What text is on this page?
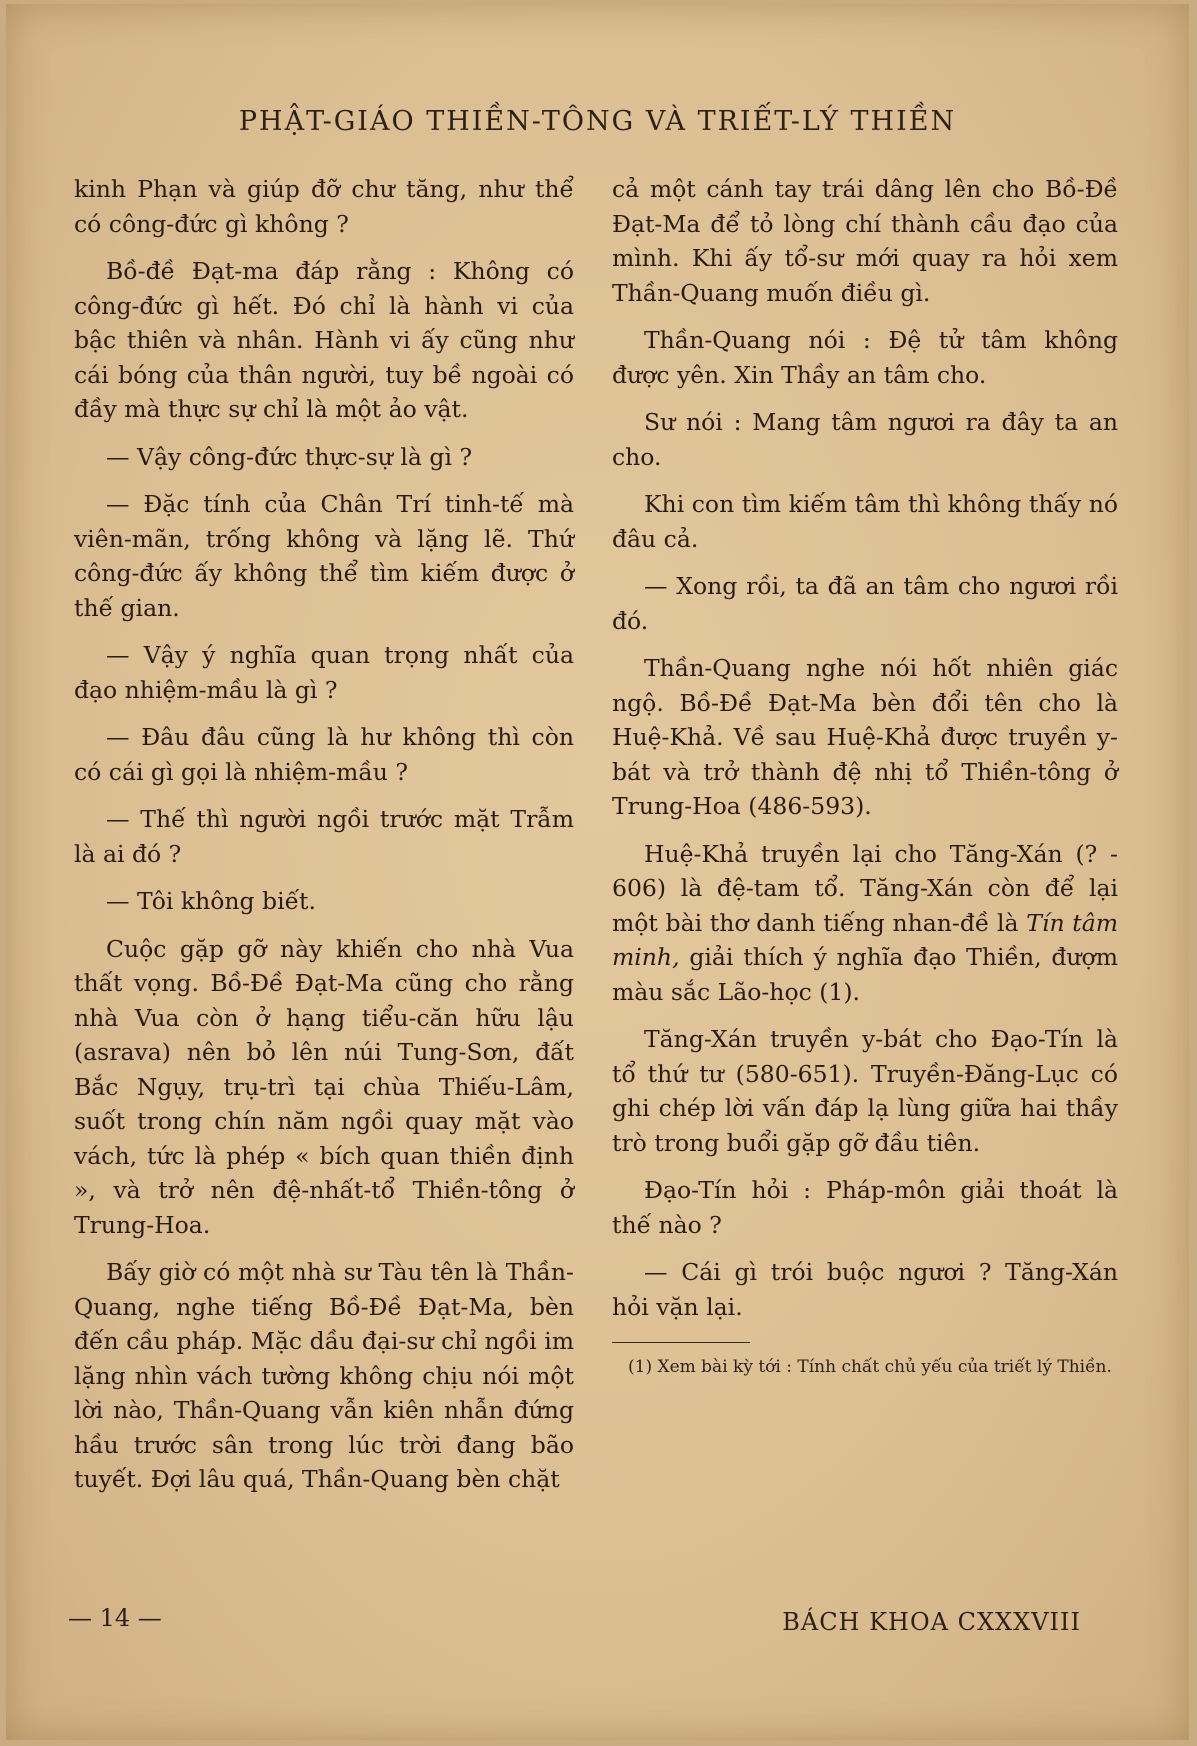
PHẬT-GIÁO THIỀN-TÔNG VÀ TRIẾT-LÝ THIỀN

kinh Phạn và giúp đỡ chư tăng, như thể có công-đức gì không ?

Bồ-đề Đạt-ma đáp rằng : Không có công-đức gì hết. Đó chỉ là hành vi của bậc thiên và nhân. Hành vi ấy cũng như cái bóng của thân người, tuy bề ngoài có đầy mà thực sự chỉ là một ảo vật.

— Vậy công-đức thực-sự là gì ?

— Đặc tính của Chân Trí tinh-tế mà viên-mãn, trống không và lặng lẽ. Thứ công-đức ấy không thể tìm kiếm được ở thế gian.

— Vậy ý nghĩa quan trọng nhất của đạo nhiệm-mầu là gì ?

— Đâu đâu cũng là hư không thì còn có cái gì gọi là nhiệm-mầu ?

— Thế thì người ngồi trước mặt Trẫm là ai đó ?

— Tôi không biết.

Cuộc gặp gỡ này khiến cho nhà Vua thất vọng. Bồ-Đề Đạt-Ma cũng cho rằng nhà Vua còn ở hạng tiểu-căn hữu lậu (asrava) nên bỏ lên núi Tung-Sơn, đất Bắc Ngụy, trụ-trì tại chùa Thiếu-Lâm, suốt trong chín năm ngồi quay mặt vào vách, tức là phép « bích quan thiền định », và trở nên đệ-nhất-tổ Thiền-tông ở Trung-Hoa.

Bấy giờ có một nhà sư Tàu tên là Thần-Quang, nghe tiếng Bồ-Đề Đạt-Ma, bèn đến cầu pháp. Mặc dầu đại-sư chỉ ngồi im lặng nhìn vách tường không chịu nói một lời nào, Thần-Quang vẫn kiên nhẫn đứng hầu trước sân trong lúc trời đang bão tuyết. Đợi lâu quá, Thần-Quang bèn chặt

cả một cánh tay trái dâng lên cho Bồ-Đề Đạt-Ma để tỏ lòng chí thành cầu đạo của mình. Khi ấy tổ-sư mới quay ra hỏi xem Thần-Quang muốn điều gì.

Thần-Quang nói : Đệ tử tâm không được yên. Xin Thầy an tâm cho.

Sư nói : Mang tâm ngươi ra đây ta an cho.

Khi con tìm kiếm tâm thì không thấy nó đâu cả.

— Xong rồi, ta đã an tâm cho ngươi rồi đó.

Thần-Quang nghe nói hốt nhiên giác ngộ. Bồ-Đề Đạt-Ma bèn đổi tên cho là Huệ-Khả. Về sau Huệ-Khả được truyền y-bát và trở thành đệ nhị tổ Thiền-tông ở Trung-Hoa (486-593).

Huệ-Khả truyền lại cho Tăng-Xán (? - 606) là đệ-tam tổ. Tăng-Xán còn để lại một bài thơ danh tiếng nhan-đề là Tín tâm minh, giải thích ý nghĩa đạo Thiền, đượm màu sắc Lão-học (1).

Tăng-Xán truyền y-bát cho Đạo-Tín là tổ thứ tư (580-651). Truyền-Đăng-Lục có ghi chép lời vấn đáp lạ lùng giữa hai thầy trò trong buổi gặp gỡ đầu tiên.

Đạo-Tín hỏi : Pháp-môn giải thoát là thế nào ?

— Cái gì trói buộc ngươi ? Tăng-Xán hỏi vặn lại.

(1) Xem bài kỳ tới : Tính chất chủ yếu của triết lý Thiền.
— 14 —	BÁCH KHOA CXXXVIII
